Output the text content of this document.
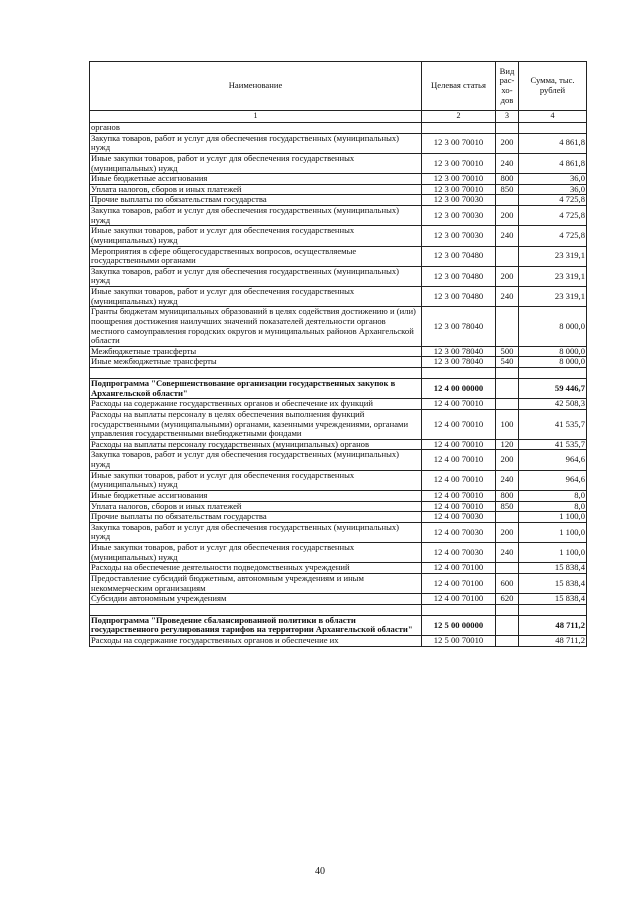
Наименование	Целевая статья	Вид рас-хо-дов	Сумма, тыс. рублей
1	2	3	4
органов			
Закупка товаров, работ и услуг для обеспечения государственных (муниципальных) нужд	12 3 00 70010	200	4 861,8
Иные закупки товаров, работ и услуг для обеспечения государственных (муниципальных) нужд	12 3 00 70010	240	4 861,8
Иные бюджетные ассигнования	12 3 00 70010	800	36,0
Уплата налогов, сборов и иных платежей	12 3 00 70010	850	36,0
Прочие выплаты по обязательствам государства	12 3 00 70030		4 725,8
Закупка товаров, работ и услуг для обеспечения государственных (муниципальных) нужд	12 3 00 70030	200	4 725,8
Иные закупки товаров, работ и услуг для обеспечения государственных (муниципальных) нужд	12 3 00 70030	240	4 725,8
Мероприятия в сфере общегосударственных вопросов, осуществляемые государственными органами	12 3 00 70480		23 319,1
Закупка товаров, работ и услуг для обеспечения государственных (муниципальных) нужд	12 3 00 70480	200	23 319,1
Иные закупки товаров, работ и услуг для обеспечения государственных (муниципальных) нужд	12 3 00 70480	240	23 319,1
Гранты бюджетам муниципальных образований в целях содействия достижению и (или) поощрения достижения наилучших значений показателей деятельности органов местного самоуправления городских округов и муниципальных районов Архангельской области	12 3 00 78040		8 000,0
Межбюджетные трансферты	12 3 00 78040	500	8 000,0
Иные межбюджетные трансферты	12 3 00 78040	540	8 000,0

Подпрограмма "Совершенствование организации государственных закупок в Архангельской области"	12 4 00 00000		59 446,7
Расходы на содержание государственных органов и обеспечение их функций	12 4 00 70010		42 508,3
Расходы на выплаты персоналу в целях обеспечения выполнения функций государственными (муниципальными) органами, казенными учреждениями, органами управления государственными внебюджетными фондами	12 4 00 70010	100	41 535,7
Расходы на выплаты персоналу государственных (муниципальных) органов	12 4 00 70010	120	41 535,7
Закупка товаров, работ и услуг для обеспечения государственных (муниципальных) нужд	12 4 00 70010	200	964,6
Иные закупки товаров, работ и услуг для обеспечения государственных (муниципальных) нужд	12 4 00 70010	240	964,6
Иные бюджетные ассигнования	12 4 00 70010	800	8,0
Уплата налогов, сборов и иных платежей	12 4 00 70010	850	8,0
Прочие выплаты по обязательствам государства	12 4 00 70030		1 100,0
Закупка товаров, работ и услуг для обеспечения государственных (муниципальных) нужд	12 4 00 70030	200	1 100,0
Иные закупки товаров, работ и услуг для обеспечения государственных (муниципальных) нужд	12 4 00 70030	240	1 100,0
Расходы на обеспечение деятельности подведомственных учреждений	12 4 00 70100		15 838,4
Предоставление субсидий бюджетным, автономным учреждениям и иным некоммерческим организациям	12 4 00 70100	600	15 838,4
Субсидии автономным учреждениям	12 4 00 70100	620	15 838,4

Подпрограмма "Проведение сбалансированной политики в области государственного регулирования тарифов на территории Архангельской области"	12 5 00 00000		48 711,2
Расходы на содержание государственных органов и обеспечение их	12 5 00 70010		48 711,2
40
